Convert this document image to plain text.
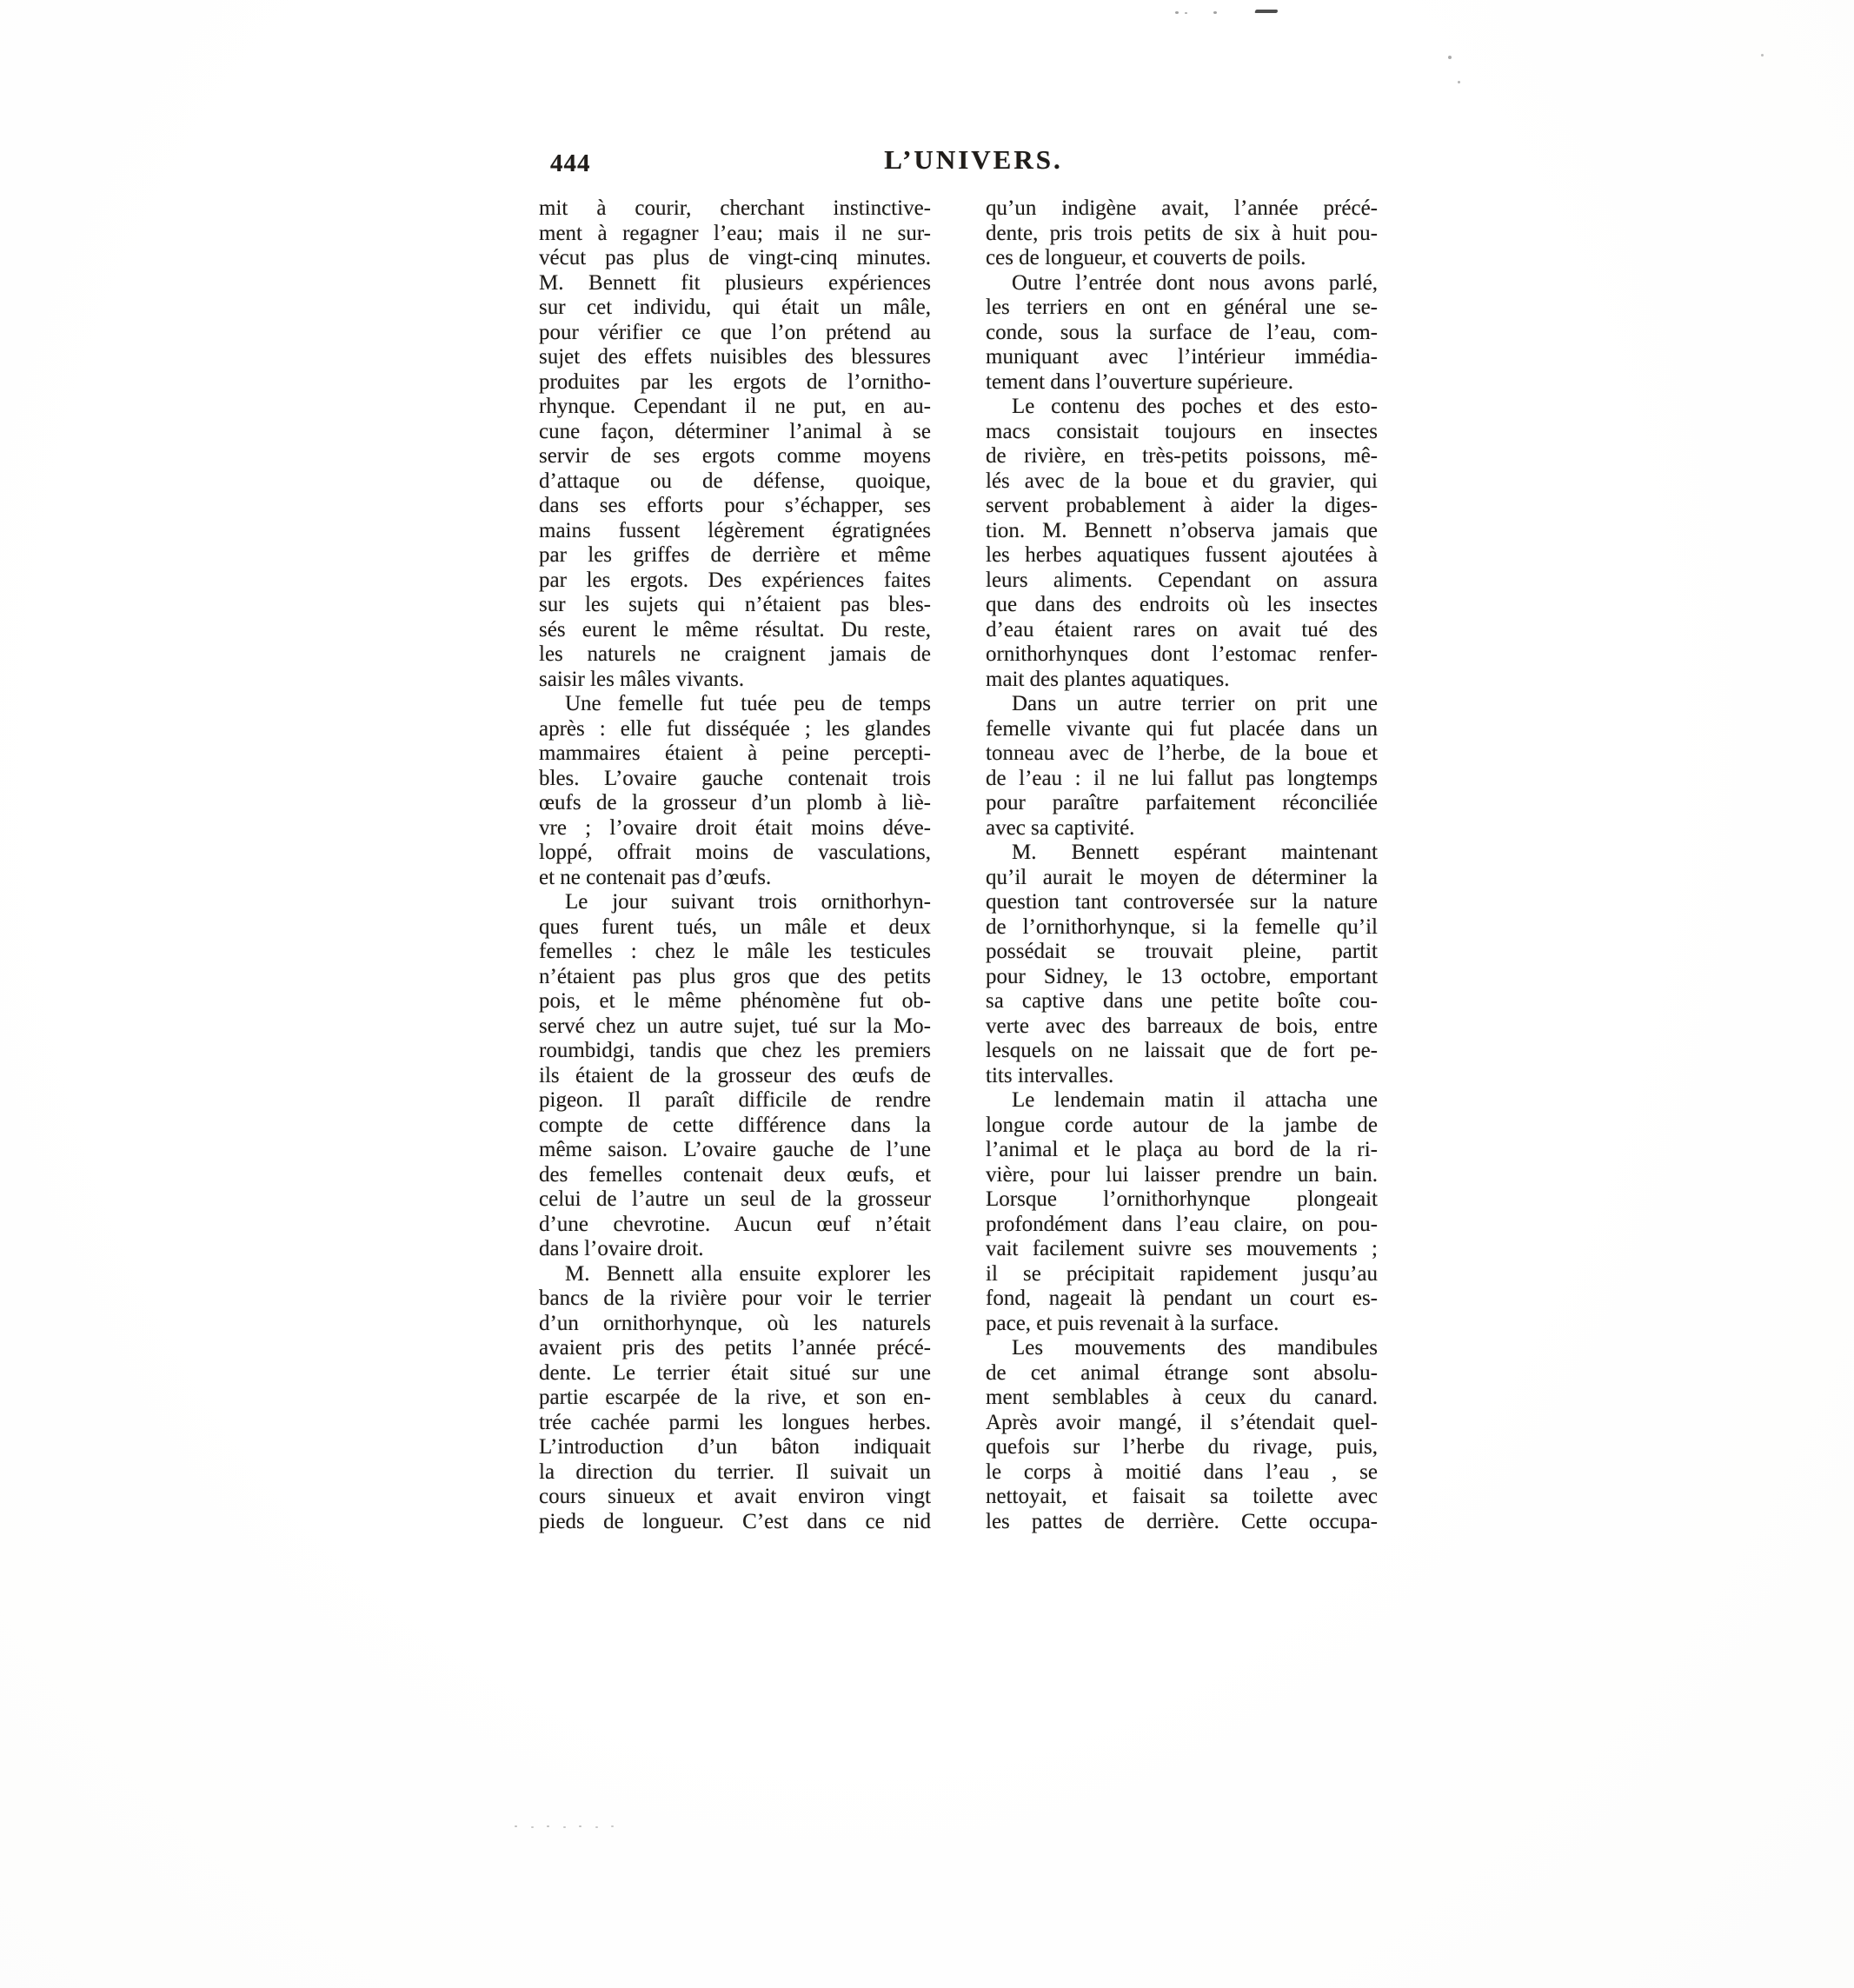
444	L’UNIVERS.
mit à courir, cherchant instinctive-
ment à regagner l’eau; mais il ne sur-
vécut pas plus de vingt-cinq minutes.
M. Bennett fit plusieurs expériences
sur cet individu, qui était un mâle,
pour vérifier ce que l’on prétend au
sujet des effets nuisibles des blessures
produites par les ergots de l’ornitho-
rhynque. Cependant il ne put, en au-
cune façon, déterminer l’animal à se
servir de ses ergots comme moyens
d’attaque ou de défense, quoique,
dans ses efforts pour s’échapper, ses
mains fussent légèrement égratignées
par les griffes de derrière et même
par les ergots. Des expériences faites
sur les sujets qui n’étaient pas bles-
sés eurent le même résultat. Du reste,
les naturels ne craignent jamais de
saisir les mâles vivants.
Une femelle fut tuée peu de temps
après : elle fut disséquée ; les glandes
mammaires étaient à peine percepti-
bles. L’ovaire gauche contenait trois
œufs de la grosseur d’un plomb à liè-
vre ; l’ovaire droit était moins déve-
loppé, offrait moins de vasculations,
et ne contenait pas d’œufs.
Le jour suivant trois ornithorhyn-
ques furent tués, un mâle et deux
femelles : chez le mâle les testicules
n’étaient pas plus gros que des petits
pois, et le même phénomène fut ob-
servé chez un autre sujet, tué sur la Mo-
roumbidgi, tandis que chez les premiers
ils étaient de la grosseur des œufs de
pigeon. Il paraît difficile de rendre
compte de cette différence dans la
même saison. L’ovaire gauche de l’une
des femelles contenait deux œufs, et
celui de l’autre un seul de la grosseur
d’une chevrotine. Aucun œuf n’était
dans l’ovaire droit.
M. Bennett alla ensuite explorer les
bancs de la rivière pour voir le terrier
d’un ornithorhynque, où les naturels
avaient pris des petits l’année précé-
dente. Le terrier était situé sur une
partie escarpée de la rive, et son en-
trée cachée parmi les longues herbes.
L’introduction d’un bâton indiquait
la direction du terrier. Il suivait un
cours sinueux et avait environ vingt
pieds de longueur. C’est dans ce nid
qu’un indigène avait, l’année précé-
dente, pris trois petits de six à huit pou-
ces de longueur, et couverts de poils.
Outre l’entrée dont nous avons parlé,
les terriers en ont en général une se-
conde, sous la surface de l’eau, com-
muniquant avec l’intérieur immédia-
tement dans l’ouverture supérieure.
Le contenu des poches et des esto-
macs consistait toujours en insectes
de rivière, en très-petits poissons, mê-
lés avec de la boue et du gravier, qui
servent probablement à aider la diges-
tion. M. Bennett n’observa jamais que
les herbes aquatiques fussent ajoutées à
leurs aliments. Cependant on assura
que dans des endroits où les insectes
d’eau étaient rares on avait tué des
ornithorhynques dont l’estomac renfer-
mait des plantes aquatiques.
Dans un autre terrier on prit une
femelle vivante qui fut placée dans un
tonneau avec de l’herbe, de la boue et
de l’eau : il ne lui fallut pas longtemps
pour paraître parfaitement réconciliée
avec sa captivité.
M. Bennett espérant maintenant
qu’il aurait le moyen de déterminer la
question tant controversée sur la nature
de l’ornithorhynque, si la femelle qu’il
possédait se trouvait pleine, partit
pour Sidney, le 13 octobre, emportant
sa captive dans une petite boîte cou-
verte avec des barreaux de bois, entre
lesquels on ne laissait que de fort pe-
tits intervalles.
Le lendemain matin il attacha une
longue corde autour de la jambe de
l’animal et le plaça au bord de la ri-
vière, pour lui laisser prendre un bain.
Lorsque l’ornithorhynque plongeait
profondément dans l’eau claire, on pou-
vait facilement suivre ses mouvements ;
il se précipitait rapidement jusqu’au
fond, nageait là pendant un court es-
pace, et puis revenait à la surface.
Les mouvements des mandibules
de cet animal étrange sont absolu-
ment semblables à ceux du canard.
Après avoir mangé, il s’étendait quel-
quefois sur l’herbe du rivage, puis,
le corps à moitié dans l’eau , se
nettoyait, et faisait sa toilette avec
les pattes de derrière. Cette occupa-
